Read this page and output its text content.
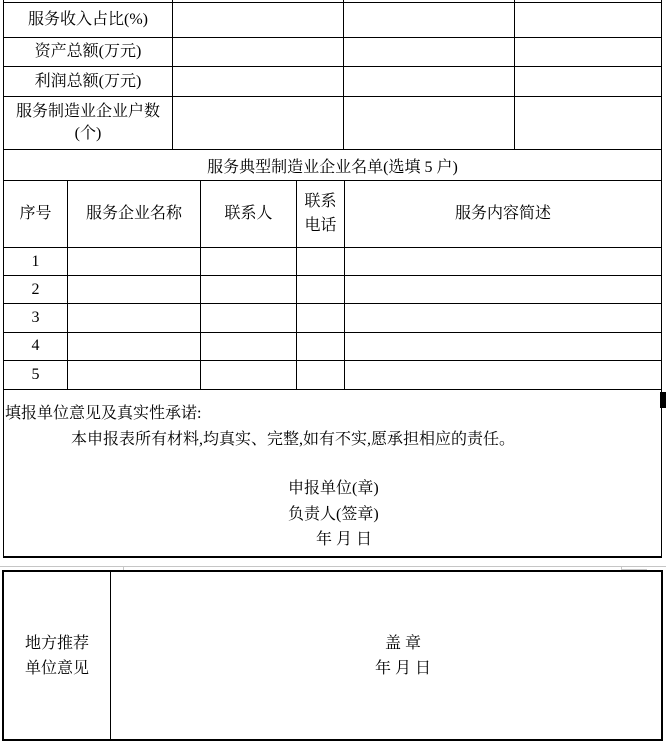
服务收入占比(%)
资产总额(万元)
利润总额(万元)
服务制造业企业户数
(个)
服务典型制造业企业名单(选填 5 户)
序号	服务企业名称	联系人
联系电话
服务内容简述
1
2
3
4
5
填报单位意见及真实性承诺:
本申报表所有材料,均真实、完整,如有不实,愿承担相应的责任。
申报单位(章)
负责人(签章)
年 月 日
地方推荐
单位意见
盖 章
年 月 日
